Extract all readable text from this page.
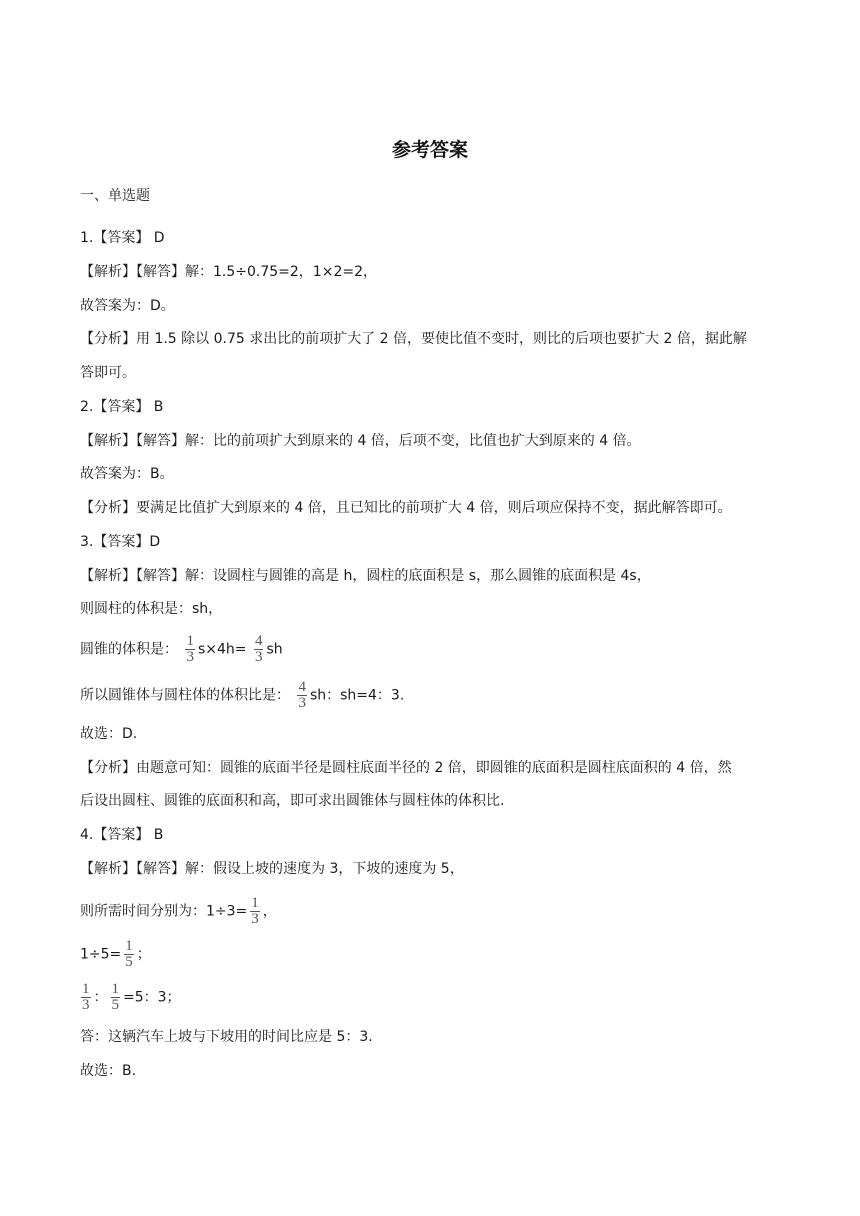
参考答案
一、单选题
1.【答案】 D
【解析】【解答】解：1.5÷0.75=2，1×2=2，
故答案为：D。
【分析】用 1.5 除以 0.75 求出比的前项扩大了 2 倍，要使比值不变时，则比的后项也要扩大 2 倍，据此解
答即可。
2.【答案】 B
【解析】【解答】解：比的前项扩大到原来的 4 倍，后项不变，比值也扩大到原来的 4 倍。
故答案为：B。
【分析】要满足比值扩大到原来的 4 倍，且已知比的前项扩大 4 倍，则后项应保持不变，据此解答即可。
3.【答案】D
【解析】【解答】解：设圆柱与圆锥的高是 h，圆柱的底面积是 s，那么圆锥的底面积是 4s，
则圆柱的体积是：sh，
圆锥的体积是： $\frac{1}{3} s\times 4h= \frac{4}{3}$ sh
所以圆锥体与圆柱体的体积比是： $\frac{4}{3}$ sh：sh=4：3.
故选：D.
【分析】由题意可知：圆锥的底面半径是圆柱底面半径的 2 倍，即圆锥的底面积是圆柱底面积的 4 倍，然
后设出圆柱、圆锥的底面积和高，即可求出圆锥体与圆柱体的体积比.
4.【答案】 B
【解析】【解答】解：假设上坡的速度为 3，下坡的速度为 5，
则所需时间分别为：$1\div 3= \frac{1}{3}$ ，
$1\div 5= \frac{1}{5}$ ；
$\frac{1}{3}$ ： $\frac{1}{5} =5$：3；
答：这辆汽车上坡与下坡用的时间比应是 5：3.
故选：B.
